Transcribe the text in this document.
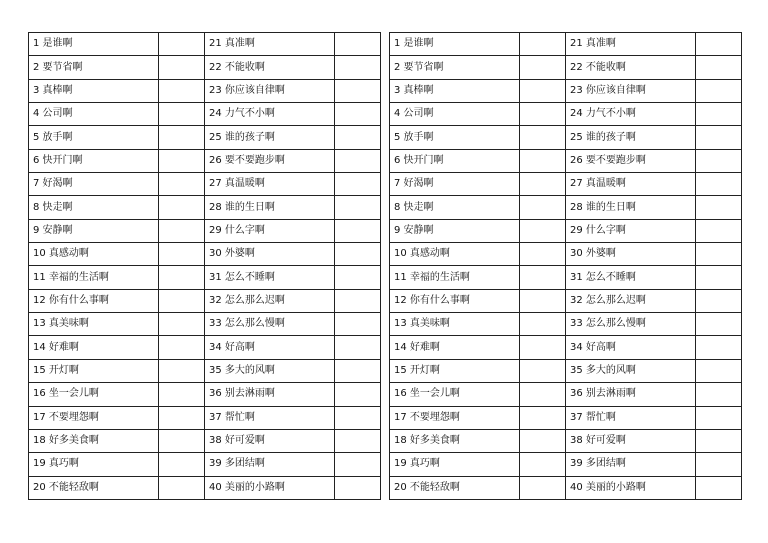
1 是谁啊		21 真准啊	
2 要节省啊		22 不能收啊	
3 真棒啊		23 你应该自律啊	
4 公司啊		24 力气不小啊	
5 放手啊		25 谁的孩子啊	
6 快开门啊		26 要不要跑步啊	
7 好渴啊		27 真温暖啊	
8 快走啊		28 谁的生日啊	
9 安静啊		29 什么字啊	
10 真感动啊		30 外婆啊	
11 幸福的生活啊		31 怎么不睡啊	
12 你有什么事啊		32 怎么那么迟啊	
13 真美味啊		33 怎么那么慢啊	
14 好难啊		34 好高啊	
15 开灯啊		35 多大的风啊	
16 坐一会儿啊		36 别去淋雨啊	
17 不要埋怨啊		37 帮忙啊	
18 好多美食啊		38 好可爱啊	
19 真巧啊		39 多团结啊	
20 不能轻敌啊		40 美丽的小路啊	
1 是谁啊		21 真准啊	
2 要节省啊		22 不能收啊	
3 真棒啊		23 你应该自律啊	
4 公司啊		24 力气不小啊	
5 放手啊		25 谁的孩子啊	
6 快开门啊		26 要不要跑步啊	
7 好渴啊		27 真温暖啊	
8 快走啊		28 谁的生日啊	
9 安静啊		29 什么字啊	
10 真感动啊		30 外婆啊	
11 幸福的生活啊		31 怎么不睡啊	
12 你有什么事啊		32 怎么那么迟啊	
13 真美味啊		33 怎么那么慢啊	
14 好难啊		34 好高啊	
15 开灯啊		35 多大的风啊	
16 坐一会儿啊		36 别去淋雨啊	
17 不要埋怨啊		37 帮忙啊	
18 好多美食啊		38 好可爱啊	
19 真巧啊		39 多团结啊	
20 不能轻敌啊		40 美丽的小路啊	
